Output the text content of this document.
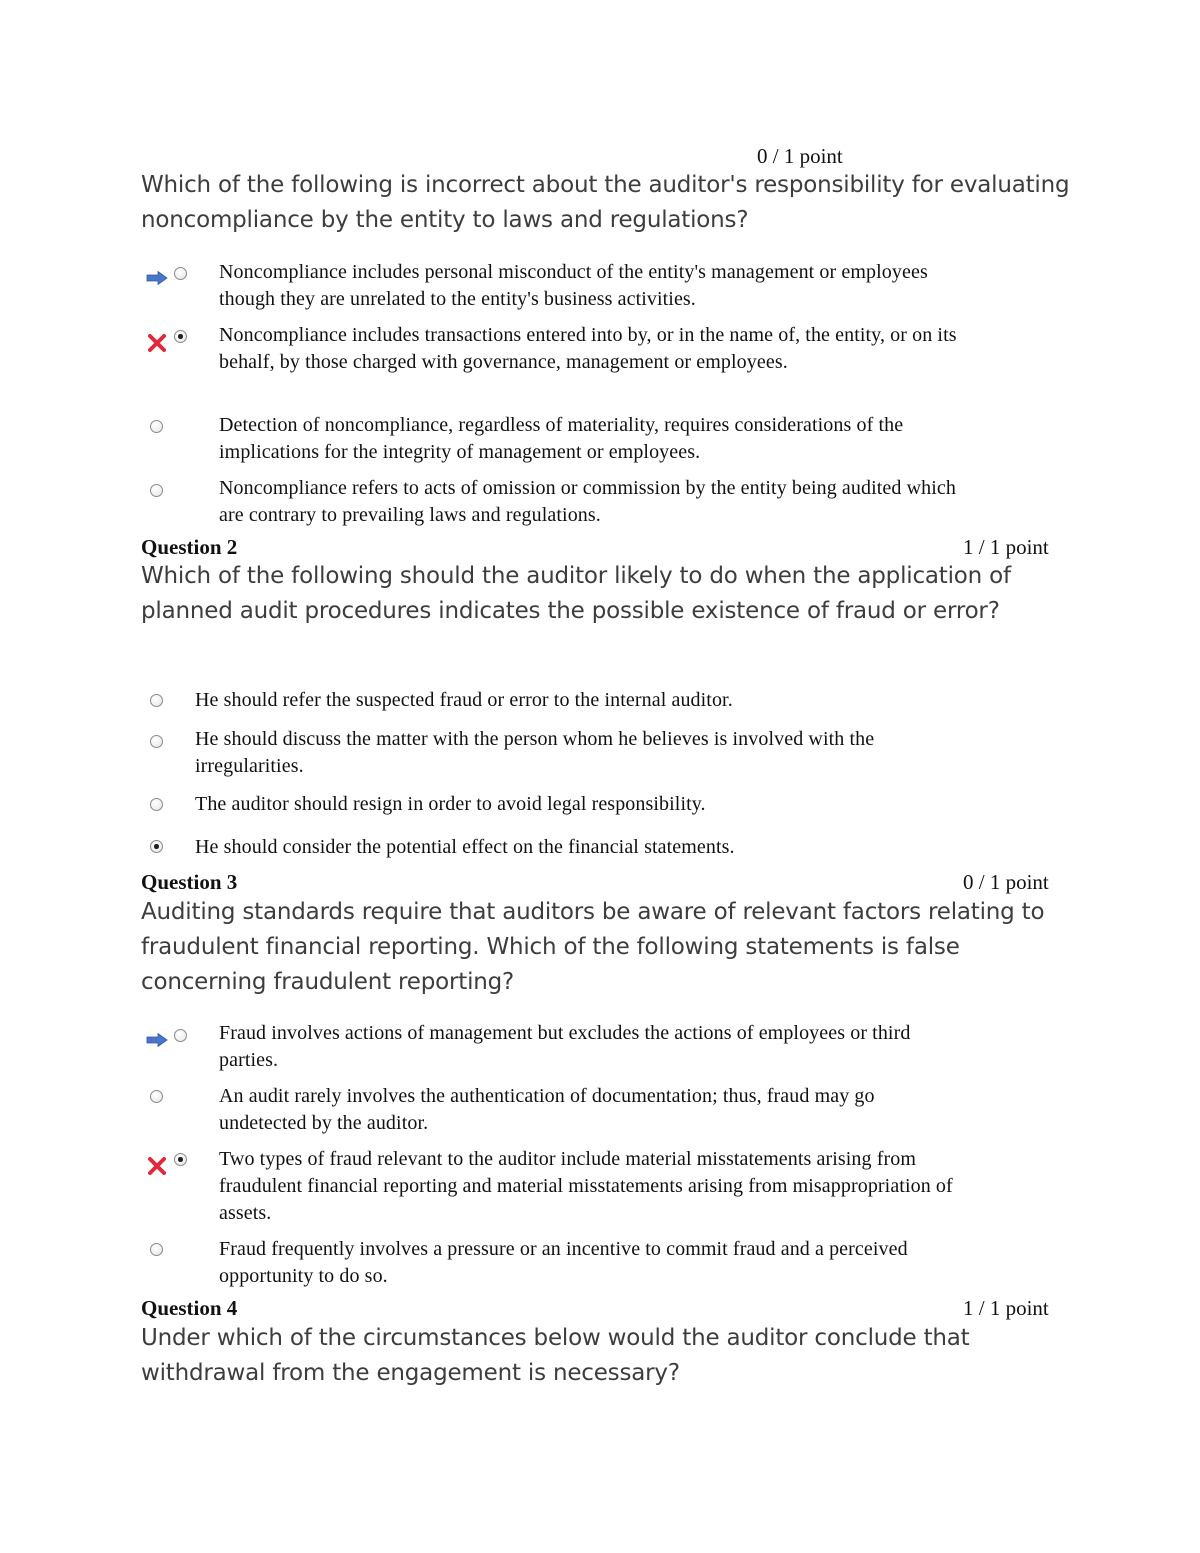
0 / 1 point
Which of the following is incorrect about the auditor's responsibility for evaluating noncompliance by the entity to laws and regulations?
Noncompliance includes personal misconduct of the entity's management or employees though they are unrelated to the entity's business activities.
Noncompliance includes transactions entered into by, or in the name of, the entity, or on its behalf, by those charged with governance, management or employees.
Detection of noncompliance, regardless of materiality, requires considerations of the implications for the integrity of management or employees.
Noncompliance refers to acts of omission or commission by the entity being audited which are contrary to prevailing laws and regulations.
Question 2	1 / 1 point
Which of the following should the auditor likely to do when the application of planned audit procedures indicates the possible existence of fraud or error?
He should refer the suspected fraud or error to the internal auditor.
He should discuss the matter with the person whom he believes is involved with the irregularities.
The auditor should resign in order to avoid legal responsibility.
He should consider the potential effect on the financial statements.
Question 3	0 / 1 point
Auditing standards require that auditors be aware of relevant factors relating to fraudulent financial reporting. Which of the following statements is false concerning fraudulent reporting?
Fraud involves actions of management but excludes the actions of employees or third parties.
An audit rarely involves the authentication of documentation; thus, fraud may go undetected by the auditor.
Two types of fraud relevant to the auditor include material misstatements arising from fraudulent financial reporting and material misstatements arising from misappropriation of assets.
Fraud frequently involves a pressure or an incentive to commit fraud and a perceived opportunity to do so.
Question 4	1 / 1 point
Under which of the circumstances below would the auditor conclude that withdrawal from the engagement is necessary?
